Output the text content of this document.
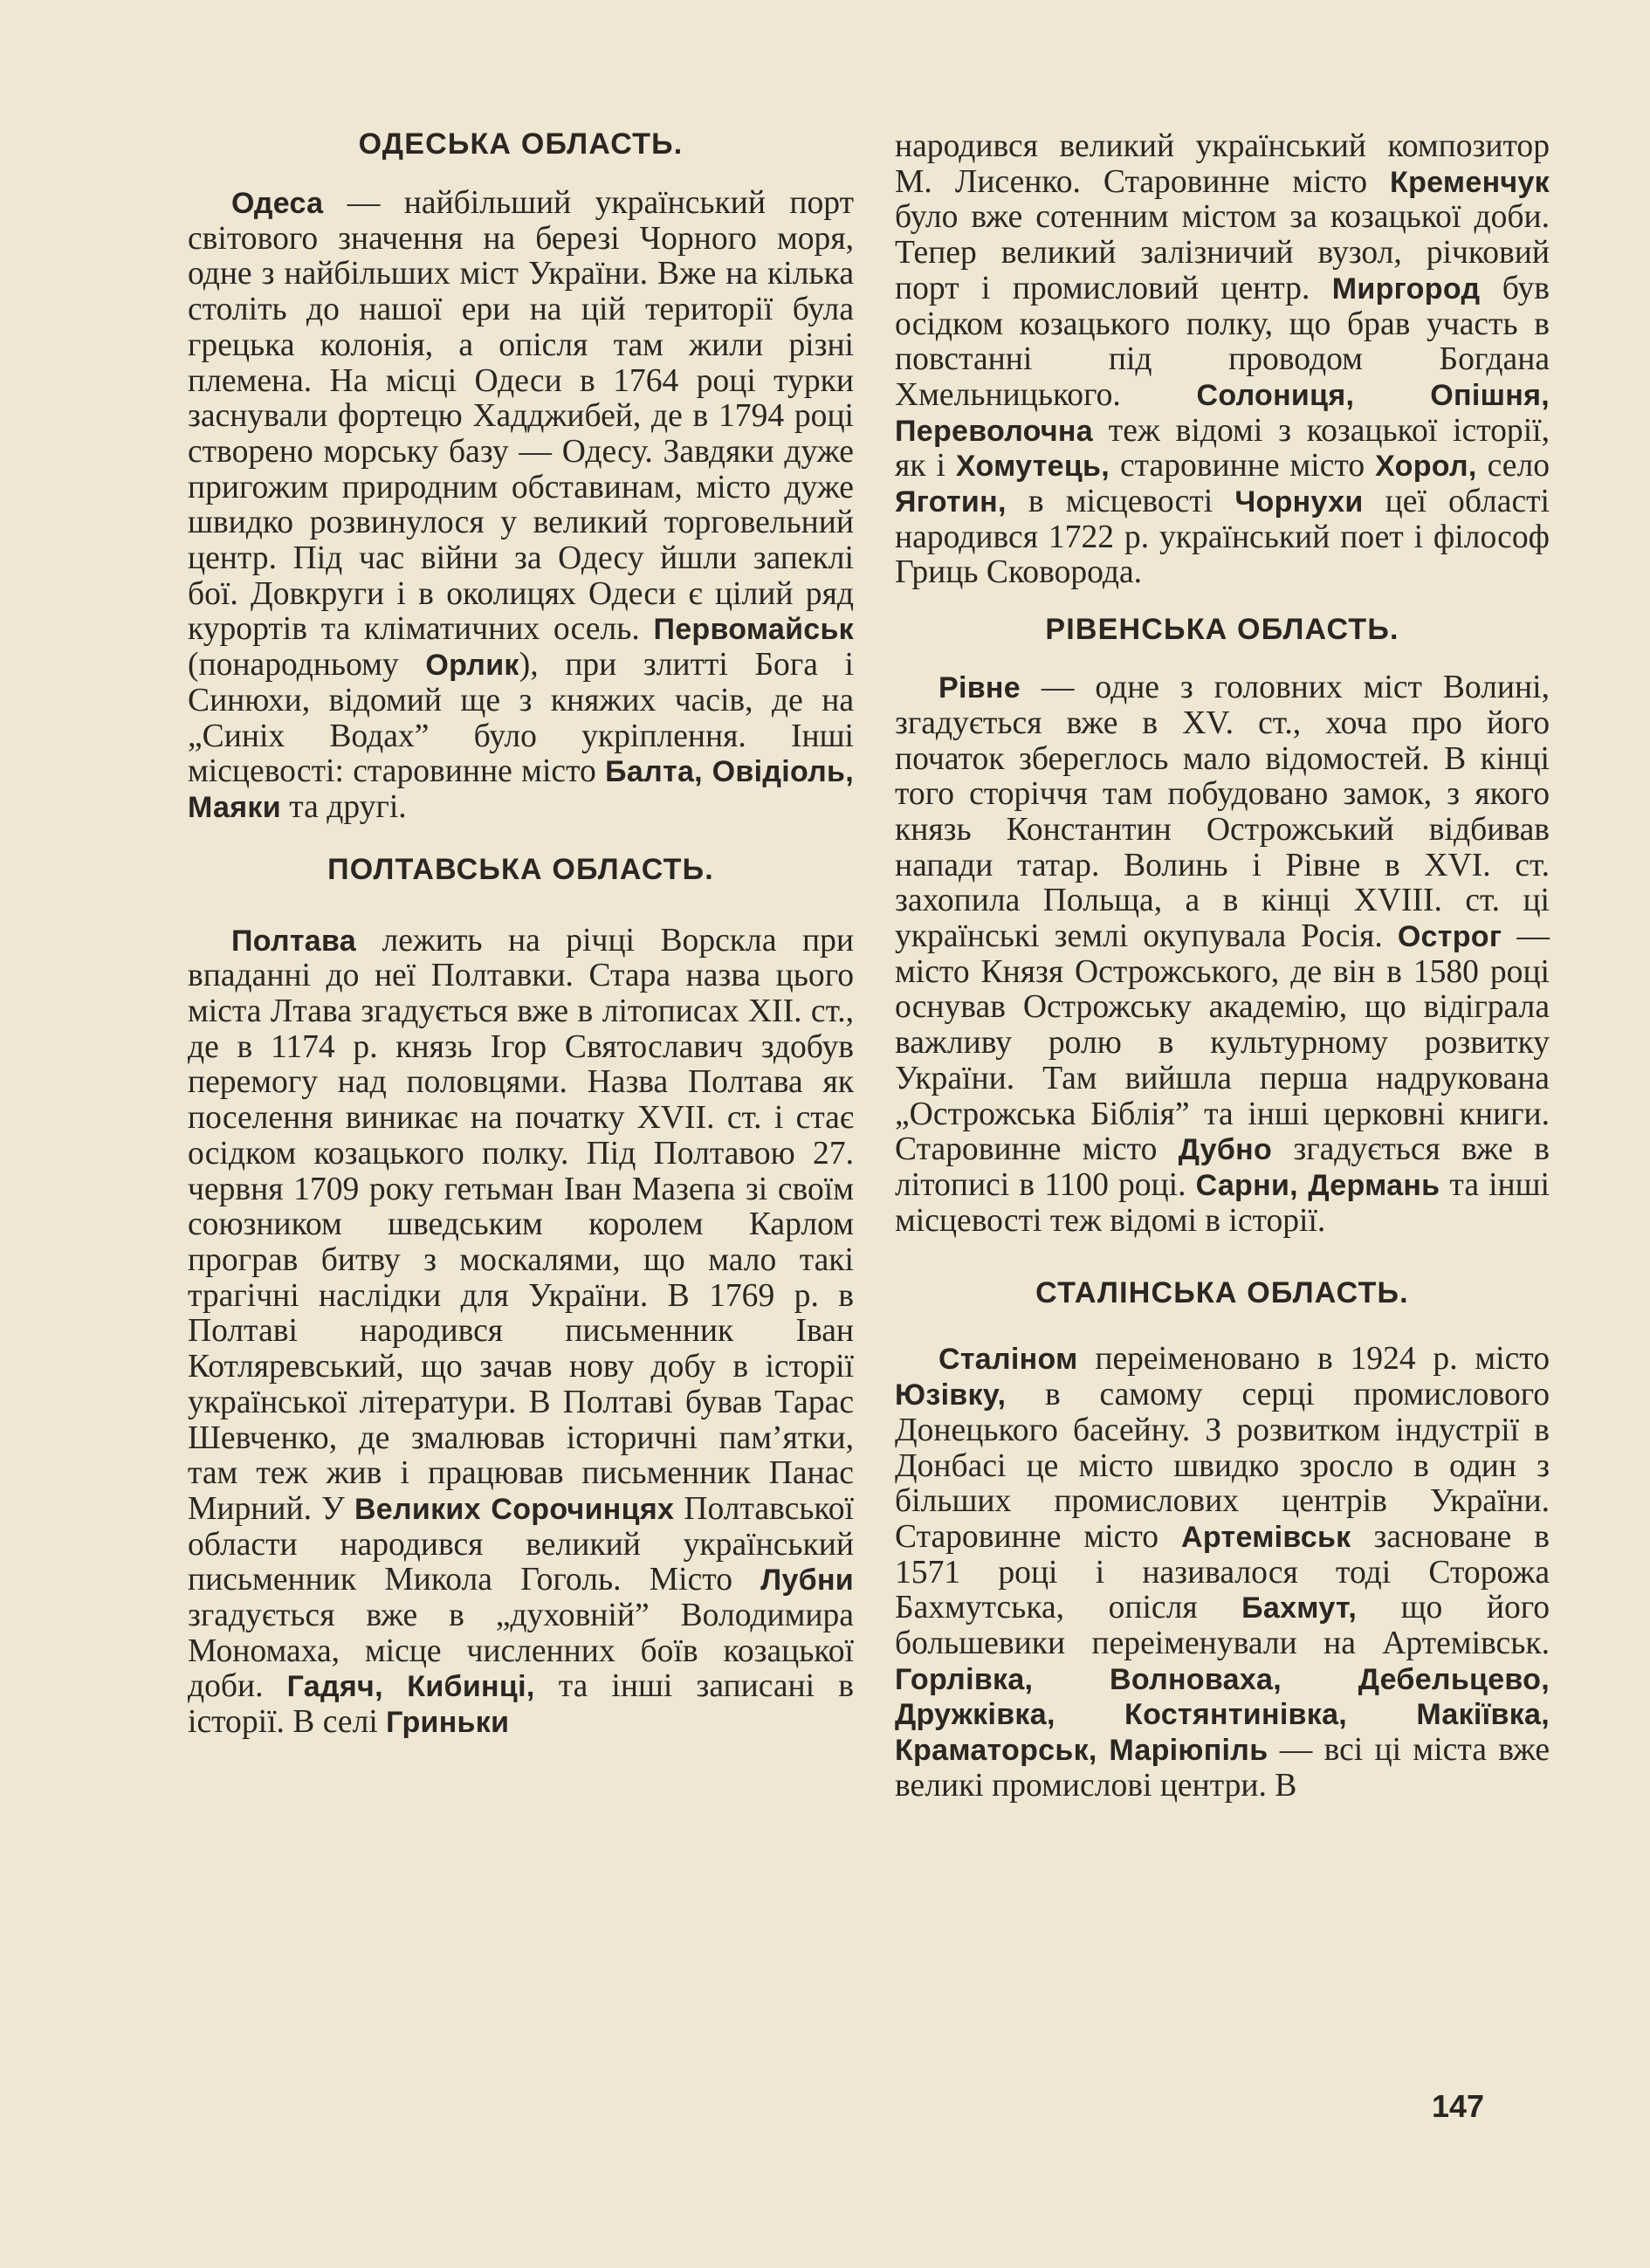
ОДЕСЬКА ОБЛАСТЬ.

Одеса — найбільший український порт світового значення на березі Чорного моря, одне з найбільших міст України. Вже на кілька століть до нашої ери на цій території була грецька колонія, а опісля там жили різні племена. На місці Одеси в 1764 році турки заснували фортецю Хадджибей, де в 1794 році створено морську базу — Одесу. Завдяки дуже пригожим природним обставинам, місто дуже швидко розвинулося у великий торговельний центр. Під час війни за Одесу йшли запеклі бої. Довкруги і в околицях Одеси є цілий ряд курортів та кліматичних осель. Первомайськ (понародньому Орлик), при злитті Бога і Синюхи, відомий ще з княжих часів, де на „Синіх Водах” було укріплення. Інші місцевості: старовинне місто Балта, Овідіоль, Маяки та другі.

ПОЛТАВСЬКА ОБЛАСТЬ.

Полтава лежить на річці Ворскла при впаданні до неї Полтавки. Стара назва цього міста Лтава згадується вже в літописах XII. ст., де в 1174 р. князь Ігор Святославич здобув перемогу над половцями. Назва Полтава як поселення виникає на початку XVII. ст. і стає осідком козацького полку. Під Полтавою 27. червня 1709 року гетьман Іван Мазепа зі своїм союзником шведським королем Карлом програв битву з москалями, що мало такі трагічні наслідки для України. В 1769 р. в Полтаві народився письменник Іван Котляревський, що зачав нову добу в історії української літератури. В Полтаві бував Тарас Шевченко, де змалював історичні пам’ятки, там теж жив і працював письменник Панас Мирний. У Великих Сорочинцях Полтавської области народився великий український письменник Микола Гоголь. Місто Лубни згадується вже в „духовній” Володимира Мономаха, місце численних боїв козацької доби. Гадяч, Кибинці, та інші записані в історії. В селі Гриньки

народився великий український композитор М. Лисенко. Старовинне місто Кременчук було вже сотенним містом за козацької доби. Тепер великий залізничий вузол, річковий порт і промисловий центр. Миргород був осідком козацького полку, що брав участь в повстанні під проводом Богдана Хмельницького. Солониця, Опішня, Переволочна теж відомі з козацької історії, як і Хомутець, старовинне місто Хорол, село Яготин, в місцевості Чорнухи цеї області народився 1722 р. український поет і філософ Гриць Сковорода.

РІВЕНСЬКА ОБЛАСТЬ.

Рівне — одне з головних міст Волині, згадується вже в XV. ст., хоча про його початок збереглось мало відомостей. В кінці того сторіччя там побудовано замок, з якого князь Константин Острожський відбивав напади татар. Волинь і Рівне в XVI. ст. захопила Польща, а в кінці XVIII. ст. ці українські землі окупувала Росія. Острог — місто Князя Острожського, де він в 1580 році оснував Острожську академію, що відіграла важливу ролю в культурному розвитку України. Там вийшла перша надрукована „Острожська Біблія” та інші церковні книги. Старовинне місто Дубно згадується вже в літописі в 1100 році. Сарни, Дермань та інші місцевості теж відомі в історії.

СТАЛІНСЬКА ОБЛАСТЬ.

Сталіном переіменовано в 1924 р. місто Юзівку, в самому серці промислового Донецького басейну. З розвитком індустрії в Донбасі це місто швидко зросло в один з більших промислових центрів України. Старовинне місто Артемівськ засноване в 1571 році і називалося тоді Сторожа Бахмутська, опісля Бахмут, що його большевики переіменували на Артемівськ. Горлівка, Волноваха, Дебельцево, Дружківка, Костянтинівка, Макіївка, Краматорськ, Маріюпіль — всі ці міста вже великі промислові центри. В

147
